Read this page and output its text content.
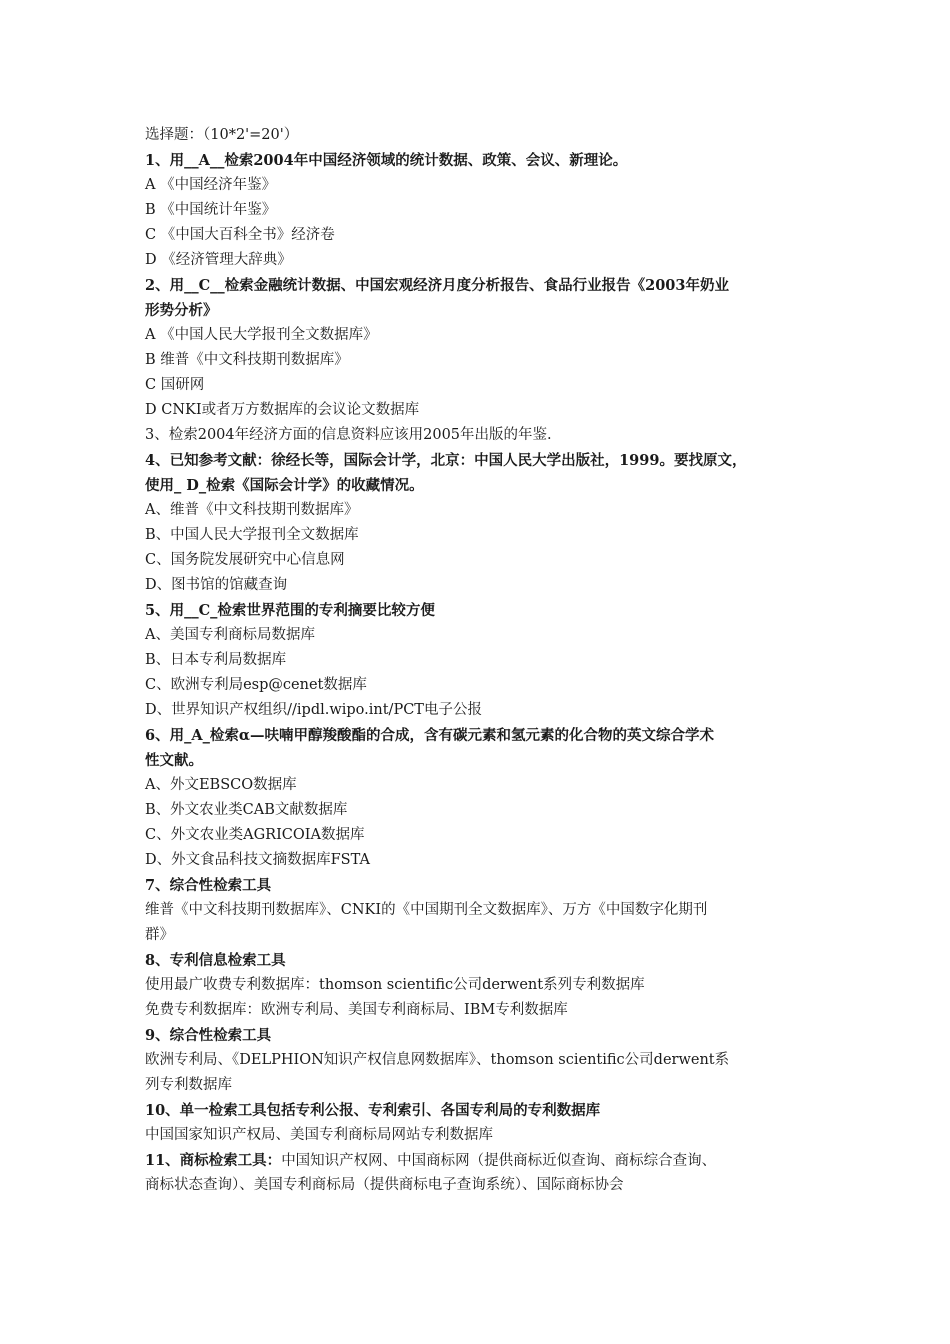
选择题：（10*2'=20'）
1、用__A__检索2004年中国经济领域的统计数据、政策、会议、新理论。
A 《中国经济年鉴》
B 《中国统计年鉴》
C 《中国大百科全书》经济卷
D 《经济管理大辞典》
2、用__C__检索金融统计数据、中国宏观经济月度分析报告、食品行业报告《2003年奶业
形势分析》
A 《中国人民大学报刊全文数据库》
B 维普《中文科技期刊数据库》
C 国研网
D CNKI或者万方数据库的会议论文数据库
3、检索2004年经济方面的信息资料应该用2005年出版的年鉴.
4、已知参考文献：徐经长等，国际会计学，北京：中国人民大学出版社，1999。要找原文，
使用_ D_检索《国际会计学》的收藏情况。
A、维普《中文科技期刊数据库》
B、中国人民大学报刊全文数据库
C、国务院发展研究中心信息网
D、图书馆的馆藏查询
5、用__C_检索世界范围的专利摘要比较方便
A、美国专利商标局数据库
B、日本专利局数据库
C、欧洲专利局esp@cenet数据库
D、世界知识产权组织//ipdl.wipo.int/PCT电子公报
6、用_A_检索α—呋喃甲醇羧酸酯的合成，含有碳元素和氢元素的化合物的英文综合学术
性文献。
A、外文EBSCO数据库
B、外文农业类CAB文献数据库
C、外文农业类AGRICOIA数据库
D、外文食品科技文摘数据库FSTA
7、综合性检索工具
维普《中文科技期刊数据库》、CNKI的《中国期刊全文数据库》、万方《中国数字化期刊
群》
8、专利信息检索工具
使用最广收费专利数据库：thomson scientific公司derwent系列专利数据库
免费专利数据库：欧洲专利局、美国专利商标局、IBM专利数据库
9、综合性检索工具
欧洲专利局、《DELPHION知识产权信息网数据库》、thomson scientific公司derwent系
列专利数据库
10、单一检索工具包括专利公报、专利索引、各国专利局的专利数据库
中国国家知识产权局、美国专利商标局网站专利数据库
11、商标检索工具：中国知识产权网、中国商标网（提供商标近似查询、商标综合查询、
商标状态查询）、美国专利商标局（提供商标电子查询系统）、国际商标协会
